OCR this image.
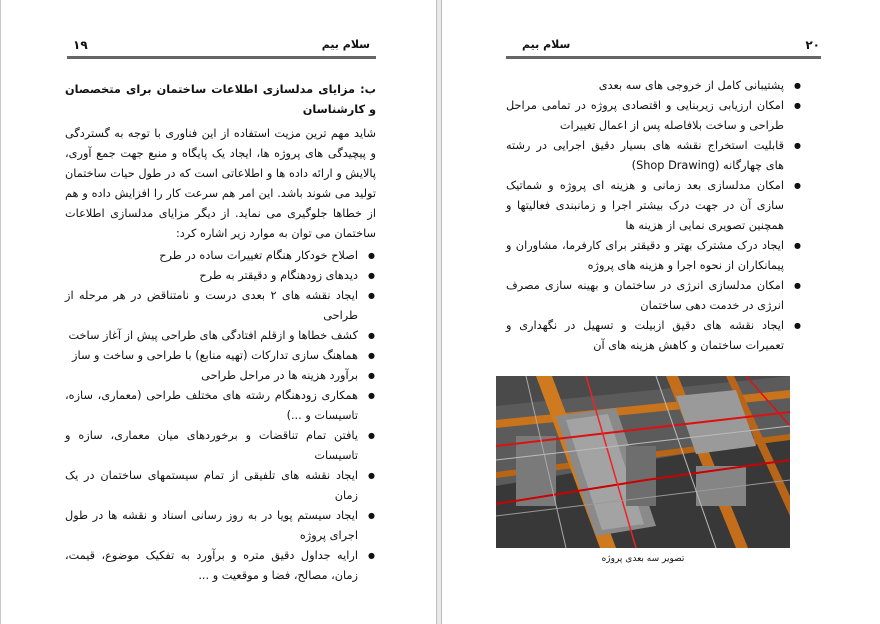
۱۹	سلام بیم
ب: مزایای مدلسازی اطلاعات ساختمان برای متخصصان و کارشناسان

شاید مهم ترین مزیت استفاده از این فناوری با توجه به گستردگی و پیچیدگی های پروژه ها، ایجاد یک پایگاه و منبع جهت جمع آوری، پالایش و ارائه داده ها و اطلاعاتی است که در طول حیات ساختمان تولید می شوند باشد. این امر هم سرعت کار را افزایش داده و هم از خطاها جلوگیری می نماید. از دیگر مزایای مدلسازی اطلاعات ساختمان می توان به موارد زیر اشاره کرد:

● اصلاح خودکار هنگام تغییرات ساده در طرح
● دیدهای زودهنگام و دقیقتر به طرح
● ایجاد نقشه های ۲ بعدی درست و نامتناقض در هر مرحله از طراحی
● کشف خطاها و ازقلم افتادگی های طراحی پیش از آغاز ساخت
● هماهنگ سازی تدارکات (تهیه منابع) با طراحی و ساخت و ساز
● برآورد هزینه ها در مراحل طراحی
● همکاری زودهنگام رشته های مختلف طراحی (معماری، سازه، تاسیسات و ...)
● یافتن تمام تناقضات و برخوردهای میان معماری، سازه و تاسیسات
● ایجاد نقشه های تلفیقی از تمام سیستمهای ساختمان در یک زمان
● ایجاد سیستم پویا در به روز رسانی اسناد و نقشه ها در طول اجرای پروژه
● ارایه جداول دقیق متره و برآورد به تفکیک موضوع، قیمت، زمان، مصالح، فضا و موقعیت و ...
سلام بیم	۲۰
● پشتیبانی کامل از خروجی های سه بعدی
● امکان ارزیابی زیربنایی و اقتصادی پروژه در تمامی مراحل طراحی و ساخت بلافاصله پس از اعمال تغییرات
● قابلیت استخراج نقشه های بسیار دقیق اجرایی در رشته های چهارگانه (Shop Drawing)
● امکان مدلسازی بعد زمانی و هزینه ای پروژه و شماتیک سازی آن در جهت درک بیشتر اجرا و زمانبندی فعالیتها و همچنین تصویری نمایی از هزینه ها
● ایجاد درک مشترک بهتر و دقیقتر برای کارفرما، مشاوران و پیمانکاران از نحوه اجرا و هزینه های پروژه
● امکان مدلسازی انرژی در ساختمان و بهینه سازی مصرف انرژی در خدمت دهی ساختمان
● ایجاد نقشه های دقیق ازبیلت و تسهیل در نگهداری و تعمیرات ساختمان و کاهش هزینه های آن
تصویر سه بعدی پروژه
